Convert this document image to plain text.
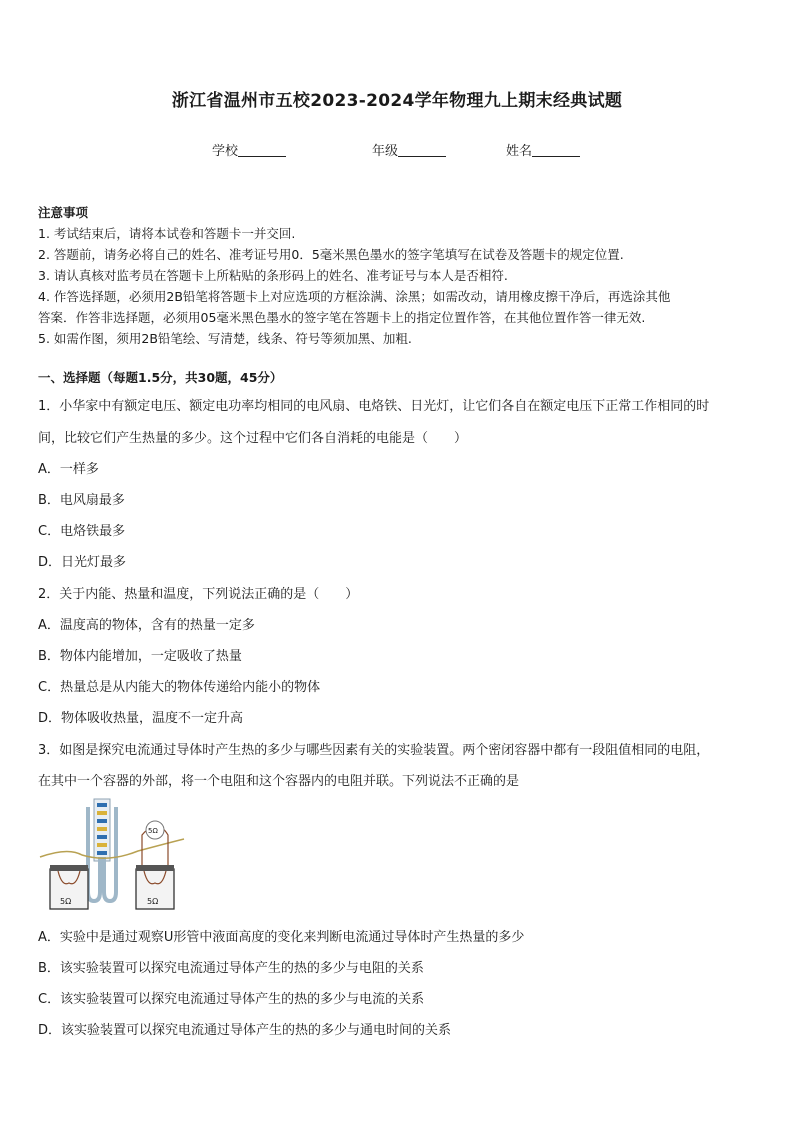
浙江省温州市五校2023-2024学年物理九上期末经典试题
学校	年级	姓名
注意事项
1. 考试结束后，请将本试卷和答题卡一并交回.
2. 答题前，请务必将自己的姓名、准考证号用0．5毫米黑色墨水的签字笔填写在试卷及答题卡的规定位置.
3. 请认真核对监考员在答题卡上所粘贴的条形码上的姓名、准考证号与本人是否相符.
4. 作答选择题，必须用2B铅笔将答题卡上对应选项的方框涂满、涂黑；如需改动，请用橡皮擦干净后，再选涂其他
答案．作答非选择题，必须用05毫米黑色墨水的签字笔在答题卡上的指定位置作答，在其他位置作答一律无效.
5. 如需作图，须用2B铅笔绘、写清楚，线条、符号等须加黑、加粗.
一、选择题（每题1.5分，共30题，45分）
1．小华家中有额定电压、额定电功率均相同的电风扇、电烙铁、日光灯，让它们各自在额定电压下正常工作相同的时
间，比较它们产生热量的多少。这个过程中它们各自消耗的电能是（　　）
A．一样多
B．电风扇最多
C．电烙铁最多
D．日光灯最多
2．关于内能、热量和温度，下列说法正确的是（　　）
A．温度高的物体，含有的热量一定多
B．物体内能增加，一定吸收了热量
C．热量总是从内能大的物体传递给内能小的物体
D．物体吸收热量，温度不一定升高
3．如图是探究电流通过导体时产生热的多少与哪些因素有关的实验装置。两个密闭容器中都有一段阻值相同的电阻，
在其中一个容器的外部，将一个电阻和这个容器内的电阻并联。下列说法不正确的是
5Ω	5Ω
5Ω
A．实验中是通过观察U形管中液面高度的变化来判断电流通过导体时产生热量的多少
B．该实验装置可以探究电流通过导体产生的热的多少与电阻的关系
C．该实验装置可以探究电流通过导体产生的热的多少与电流的关系
D．该实验装置可以探究电流通过导体产生的热的多少与通电时间的关系
